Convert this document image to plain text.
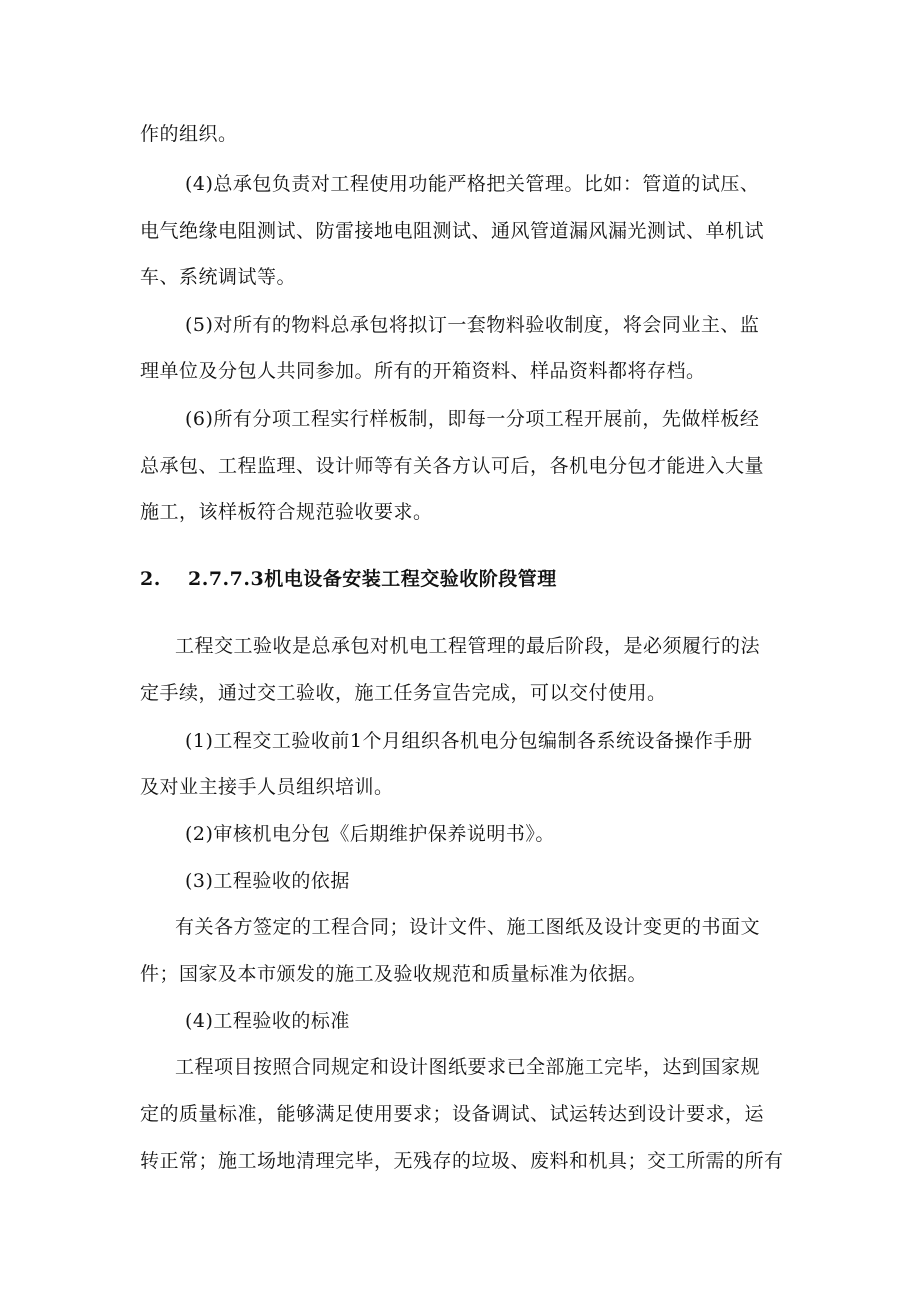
作的组织。
(4)总承包负责对工程使用功能严格把关管理。比如：管道的试压、
电气绝缘电阻测试、防雷接地电阻测试、通风管道漏风漏光测试、单机试
车、系统调试等。
(5)对所有的物料总承包将拟订一套物料验收制度，将会同业主、监
理单位及分包人共同参加。所有的开箱资料、样品资料都将存档。
(6)所有分项工程实行样板制，即每一分项工程开展前，先做样板经
总承包、工程监理、设计师等有关各方认可后，各机电分包才能进入大量
施工，该样板符合规范验收要求。
2. 2.7.7.3机电设备安装工程交验收阶段管理
工程交工验收是总承包对机电工程管理的最后阶段，是必须履行的法
定手续，通过交工验收，施工任务宣告完成，可以交付使用。
(1)工程交工验收前1个月组织各机电分包编制各系统设备操作手册
及对业主接手人员组织培训。
(2)审核机电分包《后期维护保养说明书》。
(3)工程验收的依据
有关各方签定的工程合同；设计文件、施工图纸及设计变更的书面文
件；国家及本市颁发的施工及验收规范和质量标准为依据。
(4)工程验收的标准
工程项目按照合同规定和设计图纸要求已全部施工完毕，达到国家规
定的质量标准，能够满足使用要求；设备调试、试运转达到设计要求，运
转正常；施工场地清理完毕，无残存的垃圾、废料和机具；交工所需的所有
